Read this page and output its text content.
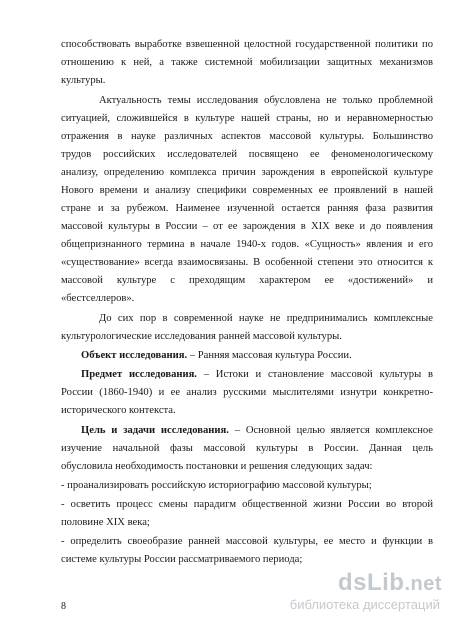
способствовать выработке взвешенной целостной государственной политики по
отношению к ней, а также системной мобилизации защитных механизмов
культуры.
Актуальность темы исследования обусловлена не только проблемной
ситуацией, сложившейся в культуре нашей страны, но и неравномерностью
отражения в науке различных аспектов массовой культуры. Большинство
трудов российских исследователей посвящено ее феноменологическому
анализу, определению комплекса причин зарождения в европейской культуре
Нового времени и анализу специфики современных ее проявлений в нашей
стране и за рубежом. Наименее изученной остается ранняя фаза развития
массовой культуры в России – от ее зарождения в XIX веке и до появления
общепризнанного термина в начале 1940-х годов. «Сущность» явления и его
«существование» всегда взаимосвязаны. В особенной степени это относится к
массовой культуре с преходящим характером ее «достижений» и
«бестселлеров».
До сих пор в современной науке не предпринимались комплексные
культурологические исследования ранней массовой культуры.
Объект исследования. – Ранняя массовая культура России.
Предмет исследования. – Истоки и становление массовой культуры в
России (1860-1940) и ее анализ русскими мыслителями изнутри конкретно-
исторического контекста.
Цель и задачи исследования. – Основной целью является комплексное
изучение начальной фазы массовой культуры в России. Данная цель
обусловила необходимость постановки и решения следующих задач:
- проанализировать российскую историографию массовой культуры;
- осветить процесс смены парадигм общественной жизни России во второй
половине XIX века;
- определить своеобразие ранней массовой культуры, ее место и функции в
системе культуры России рассматриваемого периода;
dsLib.net
библиотека диссертаций
8
